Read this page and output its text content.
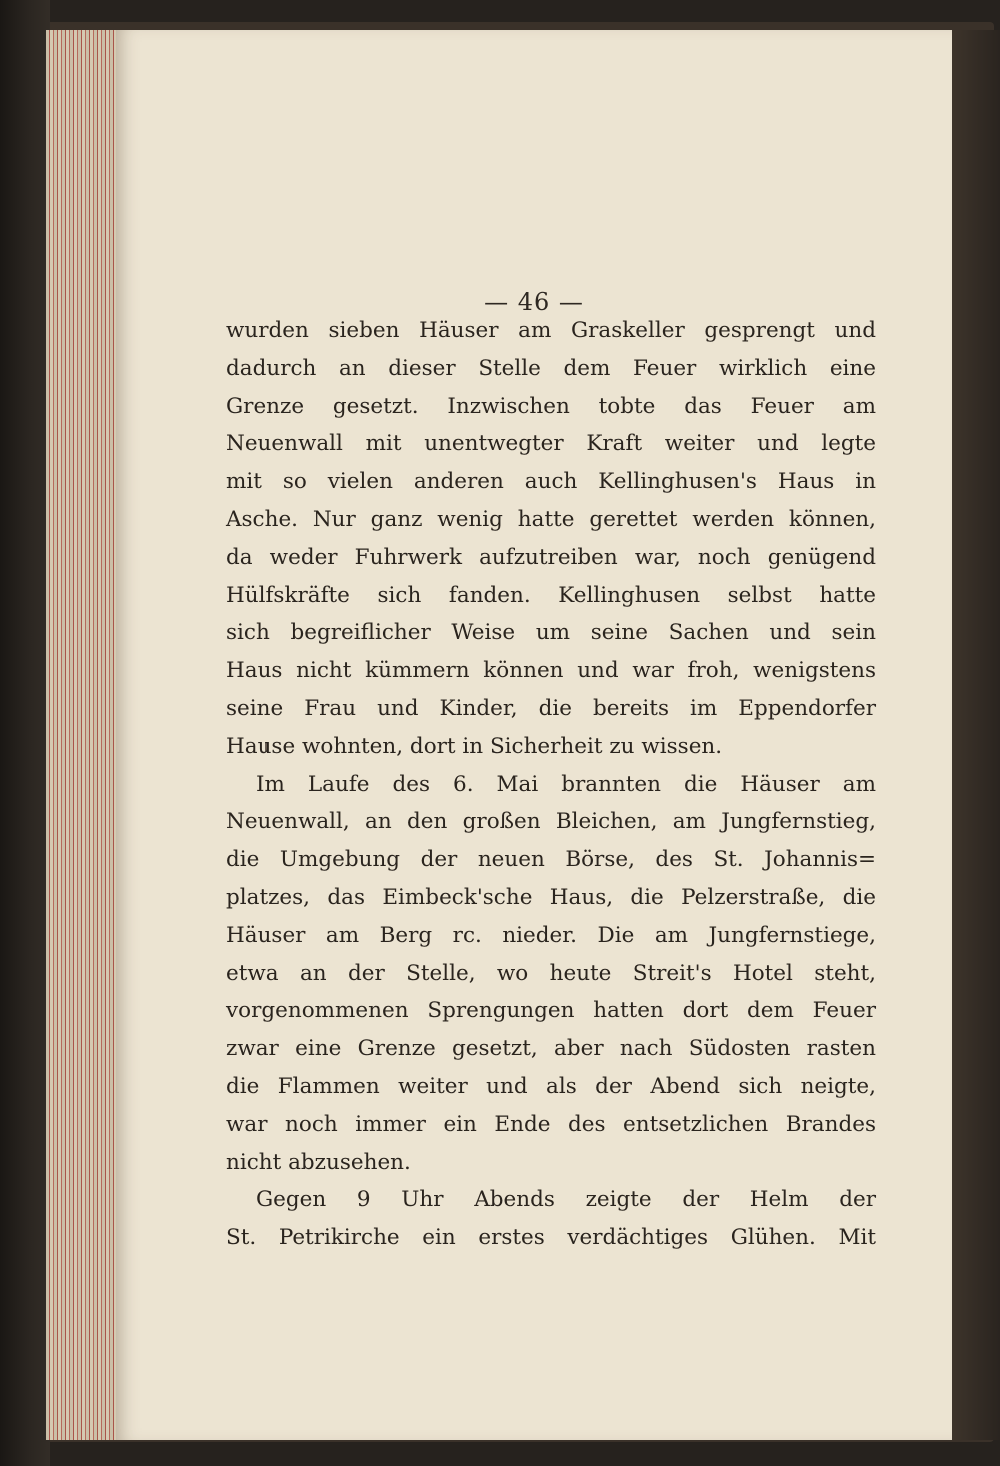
— 46 —
wurden sieben Häuser am Graskeller gesprengt und
dadurch an dieser Stelle dem Feuer wirklich eine
Grenze gesetzt. Inzwischen tobte das Feuer am
Neuenwall mit unentwegter Kraft weiter und legte
mit so vielen anderen auch Kellinghusen's Haus in
Asche. Nur ganz wenig hatte gerettet werden können,
da weder Fuhrwerk aufzutreiben war, noch genügend
Hülfskräfte sich fanden. Kellinghusen selbst hatte
sich begreiflicher Weise um seine Sachen und sein
Haus nicht kümmern können und war froh, wenigstens
seine Frau und Kinder, die bereits im Eppendorfer
Hause wohnten, dort in Sicherheit zu wissen.
Im Laufe des 6. Mai brannten die Häuser am
Neuenwall, an den großen Bleichen, am Jungfernstieg,
die Umgebung der neuen Börse, des St. Johannis=
platzes, das Eimbeck'sche Haus, die Pelzerstraße, die
Häuser am Berg rc. nieder. Die am Jungfernstiege,
etwa an der Stelle, wo heute Streit's Hotel steht,
vorgenommenen Sprengungen hatten dort dem Feuer
zwar eine Grenze gesetzt, aber nach Südosten rasten
die Flammen weiter und als der Abend sich neigte,
war noch immer ein Ende des entsetzlichen Brandes
nicht abzusehen.
Gegen 9 Uhr Abends zeigte der Helm der
St. Petrikirche ein erstes verdächtiges Glühen. Mit
